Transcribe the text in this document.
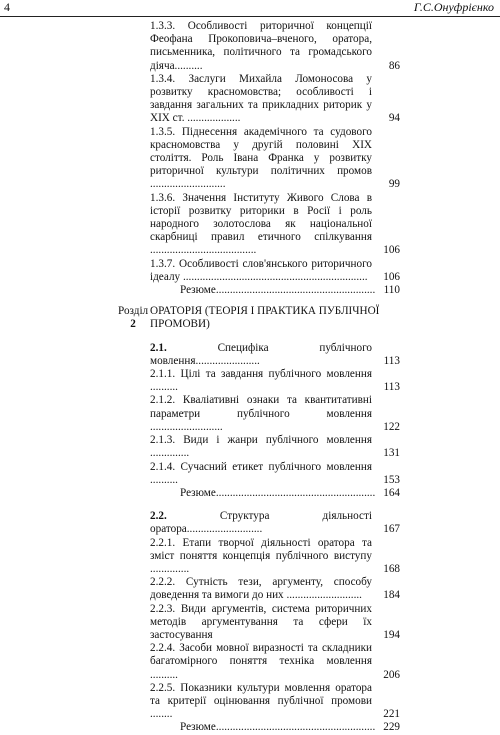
4	Г.С.Онуфрієнко
1.3.3. Особливості риторичної концепції Феофана Прокоповича–вченого, оратора, письменника, політичного та громадського діяча..........	86
1.3.4. Заслуги Михайла Ломоносова у розвитку красномовства; особливості і завдання загальних та прикладних риторик у ХІХ ст. ...................	94
1.3.5. Піднесення академічного та судового красномовства у другій половині ХІХ століття. Роль Івана Франка у розвитку риторичної культури політичних промов ...........................	99
1.3.6. Значення Інституту Живого Слова в історії розвитку риторики в Росії і роль народного золотослова як національної скарбниці правил етичного спілкування ......................................	106
1.3.7. Особливості слов'янського риторичного ідеалу ..................................................................	106
Резюме......................................................... 110
Розділ
2
ОРАТОРІЯ (ТЕОРІЯ І ПРАКТИКА ПУБЛІЧНОЇ ПРОМОВИ)
2.1. Специфіка публічного мовлення.......................	113
2.1.1. Цілі та завдання публічного мовлення ..........	113
2.1.2. Кваліативні ознаки та квантитативні параметри публічного мовлення ..........................	122
2.1.3. Види і жанри публічного мовлення ..............	131
2.1.4. Сучасний етикет публічного мовлення ..........	153
Резюме......................................................... 164
2.2. Структура діяльності оратора...........................	167
2.2.1. Етапи творчої діяльності оратора та зміст поняття концепція публічного виступу ..............	168
2.2.2. Сутність тези, аргументу, способу доведення та вимоги до них ...........................	184
2.2.3. Види аргументів, система риторичних методів аргументування та сфери їх застосування	194
2.2.4. Засоби мовної виразності та складники багатомірного поняття техніка мовлення ..........	206
2.2.5. Показники культури мовлення оратора та критерії оцінювання публічної промови ........	221
Резюме......................................................... 229
